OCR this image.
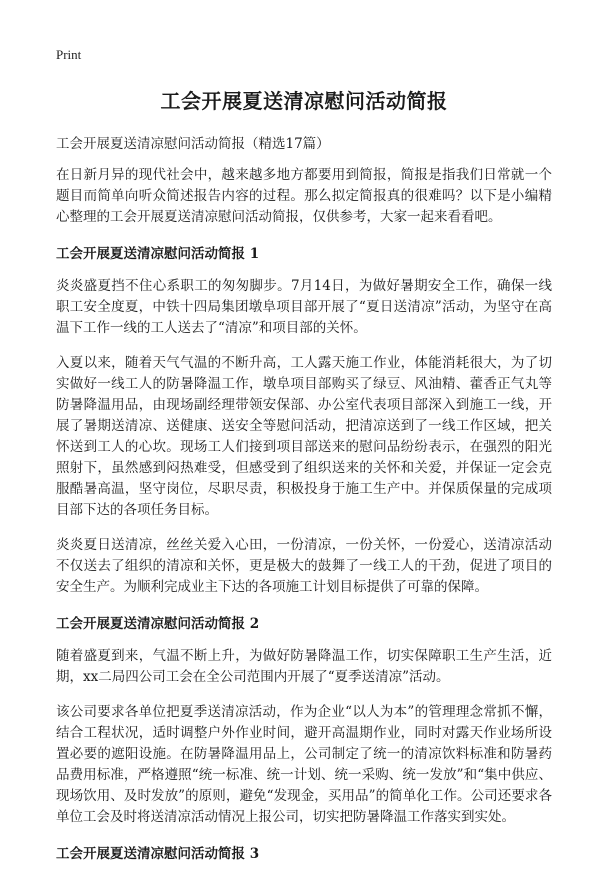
Print
工会开展夏送清凉慰问活动简报
工会开展夏送清凉慰问活动简报（精选17篇）

在日新月异的现代社会中，越来越多地方都要用到简报，简报是指我们日常就一个题目而简单向听众简述报告内容的过程。那么拟定简报真的很难吗？以下是小编精心整理的工会开展夏送清凉慰问活动简报，仅供参考，大家一起来看看吧。

工会开展夏送清凉慰问活动简报 1

炎炎盛夏挡不住心系职工的匆匆脚步。7月14日，为做好暑期安全工作，确保一线职工安全度夏，中铁十四局集团墩阜项目部开展了“夏日送清凉”活动，为坚守在高温下工作一线的工人送去了“清凉”和项目部的关怀。

入夏以来，随着天气气温的不断升高，工人露天施工作业，体能消耗很大，为了切实做好一线工人的防暑降温工作，墩阜项目部购买了绿豆、风油精、藿香正气丸等防暑降温用品，由现场副经理带领安保部、办公室代表项目部深入到施工一线，开展了暑期送清凉、送健康、送安全等慰问活动，把清凉送到了一线工作区域，把关怀送到工人的心坎。现场工人们接到项目部送来的慰问品纷纷表示，在强烈的阳光照射下，虽然感到闷热难受，但感受到了组织送来的关怀和关爱，并保证一定会克服酷暑高温，坚守岗位，尽职尽责，积极投身于施工生产中。并保质保量的完成项目部下达的各项任务目标。

炎炎夏日送清凉，丝丝关爱入心田，一份清凉，一份关怀，一份爱心，送清凉活动不仅送去了组织的清凉和关怀，更是极大的鼓舞了一线工人的干劲，促进了项目的安全生产。为顺利完成业主下达的各项施工计划目标提供了可靠的保障。

工会开展夏送清凉慰问活动简报 2

随着盛夏到来，气温不断上升，为做好防暑降温工作，切实保障职工生产生活，近期，xx二局四公司工会在全公司范围内开展了“夏季送清凉”活动。

该公司要求各单位把夏季送清凉活动，作为企业“以人为本”的管理理念常抓不懈，结合工程状况，适时调整户外作业时间，避开高温期作业，同时对露天作业场所设置必要的遮阳设施。在防暑降温用品上，公司制定了统一的清凉饮料标准和防暑药品费用标准，严格遵照“统一标准、统一计划、统一采购、统一发放”和“集中供应、现场饮用、及时发放”的原则，避免“发现金，买用品”的简单化工作。公司还要求各单位工会及时将送清凉活动情况上报公司，切实把防暑降温工作落实到实处。

工会开展夏送清凉慰问活动简报 3
